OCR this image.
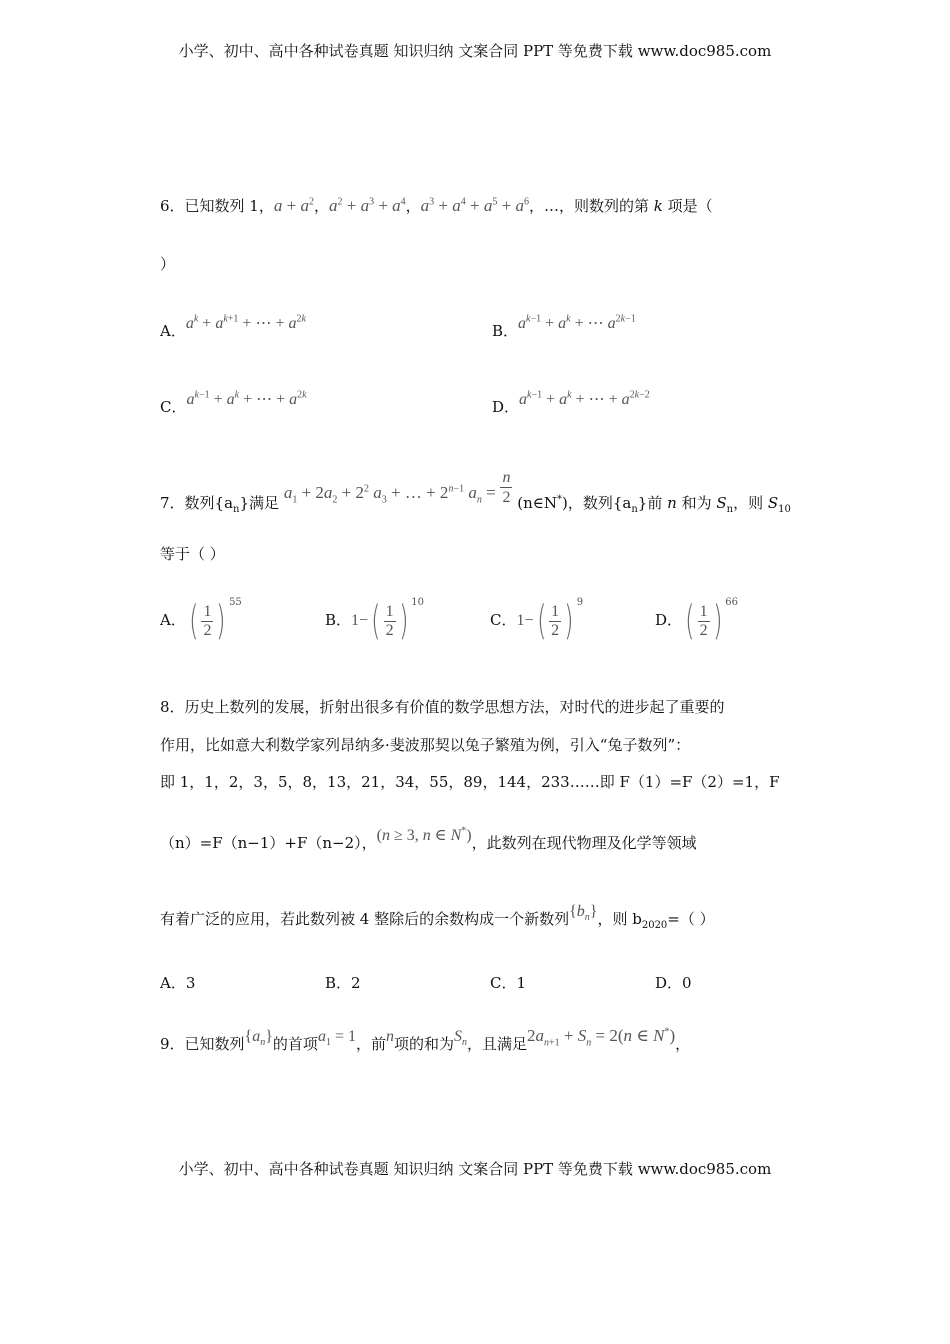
小学、初中、高中各种试卷真题 知识归纳 文案合同 PPT 等免费下载 www.doc985.com
6．已知数列 1，$a + a^2$，$a^2 + a^3 + a^4$，$a^3 + a^4 + a^5 + a^6$，…，则数列的第 k 项是（
）
A．$a^k + a^{k+1}$ + ⋯ + $a^{2k}$
B．$a^{k-1} + a^k$ + ⋯ $a^{2k-1}$
C．$a^{k-1} + a^k$ + ⋯ + $a^{2k}$
D．$a^{k-1} + a^k$ + ⋯ + $a^{2k-2}$
7．数列$\{a_n\}$满足 $a_1 + 2a_2 + 2^2$ $a_3$ + … + $2^{n-1}$ $a_n = \frac{n}{2}$ (n∈N*)，数列$\{a_n\}$前 n 和为 $S_n$，则 $S_{10}$
等于（ ）
A．( $\frac{1}{2}$ ) $^{55}$
B．$1-( \frac{1}{2}$ ) $^{10}$
C．$1-( \frac{1}{2}$ ) $^9$
D．( $\frac{1}{2}$ ) $^{66}$
8．历史上数列的发展，折射出很多有价值的数学思想方法，对时代的进步起了重要的
作用，比如意大利数学家列昂纳多·斐波那契以兔子繁殖为例，引入“兔子数列”：
即 1，1，2，3，5，8，13，21，34，55，89，144，233……即 F（1）=F（2）=1，F
（n）=F（n−1）+F（n−2），(n ≥ 3, n ∈ N*)，此数列在现代物理及化学等领域
有着广泛的应用，若此数列被 4 整除后的余数构成一个新数列$\{b_n\}$，则 $b_{2020}=$（ ）
A．3	B．2	C．1	D．0
9．已知数列$\{a_n\}$的首项$a_1 = 1$，前n项的和为$S_n$，且满足$2a_{n+1} + S_n = 2(n$ ∈ N*)，
小学、初中、高中各种试卷真题 知识归纳 文案合同 PPT 等免费下载 www.doc985.com
